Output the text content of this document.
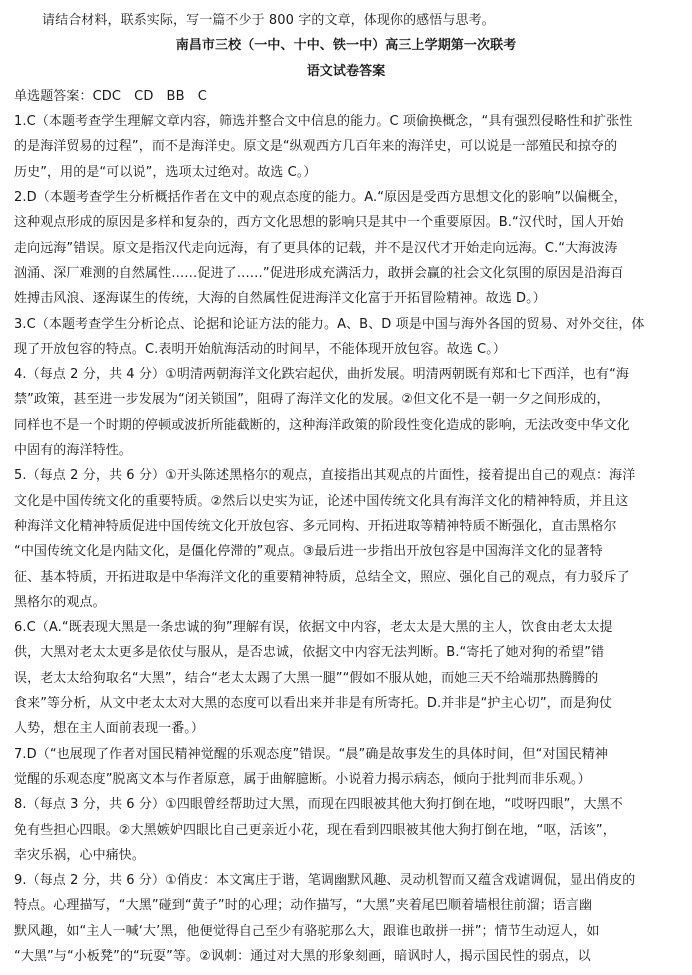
请结合材料，联系实际，写一篇不少于 800 字的文章，体现你的感悟与思考。
南昌市三校（一中、十中、铁一中）高三上学期第一次联考
语文试卷答案
单选题答案：CDC　CD　BB　C
1.C（本题考查学生理解文章内容，筛选并整合文中信息的能力。C 项偷换概念，“具有强烈侵略性和扩张性
的是海洋贸易的过程”，而不是海洋史。原文是“纵观西方几百年来的海洋史，可以说是一部殖民和掠夺的
历史”，用的是“可以说”，选项太过绝对。故选 C。）
2.D（本题考查学生分析概括作者在文中的观点态度的能力。A.“原因是受西方思想文化的影响”以偏概全，
这种观点形成的原因是多样和复杂的，西方文化思想的影响只是其中一个重要原因。B.“汉代时，国人开始
走向远海”错误。原文是指汉代走向远海，有了更具体的记载，并不是汉代才开始走向远海。C.“大海波涛
汹涌、深厂难测的自然属性……促进了……”促进形成充满活力，敢拼会赢的社会文化氛围的原因是沿海百
姓搏击风浪、逐海谋生的传统，大海的自然属性促进海洋文化富于开拓冒险精神。故选 D。）
3.C（本题考查学生分析论点、论据和论证方法的能力。A、B、D 项是中国与海外各国的贸易、对外交往，体
现了开放包容的特点。C.表明开始航海活动的时间早，不能体现开放包容。故选 C。）
4.（每点 2 分，共 4 分）①明清两朝海洋文化跌宕起伏，曲折发展。明清两朝既有郑和七下西洋，也有“海
禁”政策，甚至进一步发展为“闭关锁国”，阻碍了海洋文化的发展。②但文化不是一朝一夕之间形成的，
同样也不是一个时期的停顿或波折所能截断的，这种海洋政策的阶段性变化造成的影响，无法改变中华文化
中固有的海洋特性。
5.（每点 2 分，共 6 分）①开头陈述黑格尔的观点，直接指出其观点的片面性，接着提出自己的观点：海洋
文化是中国传统文化的重要特质。②然后以史实为证，论述中国传统文化具有海洋文化的精神特质，并且这
种海洋文化精神特质促进中国传统文化开放包容、多元同构、开拓进取等精神特质不断强化，直击黑格尔
“中国传统文化是内陆文化，是僵化停滞的”观点。③最后进一步指出开放包容是中国海洋文化的显著特
征、基本特质，开拓进取是中华海洋文化的重要精神特质，总结全文，照应、强化自己的观点，有力驳斥了
黑格尔的观点。
6.C（A.“既表现大黑是一条忠诚的狗”理解有误，依据文中内容，老太太是大黑的主人，饮食由老太太提
供，大黑对老太太更多是依仗与服从，是否忠诚，依据文中内容无法判断。B.“寄托了她对狗的希望”错
误，老太太给狗取名“大黑”，结合“老太太踢了大黑一腿”“假如不服从她，而她三天不给端那热腾腾的
食来”等分析，从文中老太太对大黑的态度可以看出来并非是有所寄托。D.并非是“护主心切”，而是狗仗
人势，想在主人面前表现一番。）
7.D（“也展现了作者对国民精神觉醒的乐观态度”错误。“晨”确是故事发生的具体时间，但“对国民精神
觉醒的乐观态度”脱离文本与作者原意，属于曲解臆断。小说着力揭示病态，倾向于批判而非乐观。）
8.（每点 3 分，共 6 分）①四眼曾经帮助过大黑，而现在四眼被其他大狗打倒在地，“哎呀四眼”，大黑不
免有些担心四眼。②大黑嫉妒四眼比自己更亲近小花，现在看到四眼被其他大狗打倒在地，“呕，活该”，
幸灾乐祸，心中痛快。
9.（每点 2 分，共 6 分）①俏皮：本文寓庄于谐，笔调幽默风趣、灵动机智而又蕴含戏谑调侃，显出俏皮的
特点。心理描写，“大黑”碰到“黄子”时的心理；动作描写，“大黑”夹着尾巴顺着墙根往前溜；语言幽
默风趣，如“主人一喊‘大’黑，他便觉得自己至少有骆驼那么大，跟谁也敢拼一拼”；情节生动逗人，如
“大黑”与“小板凳”的“玩耍”等。②讽刺：通过对大黑的形象刻画，暗讽时人，揭示国民性的弱点，以
